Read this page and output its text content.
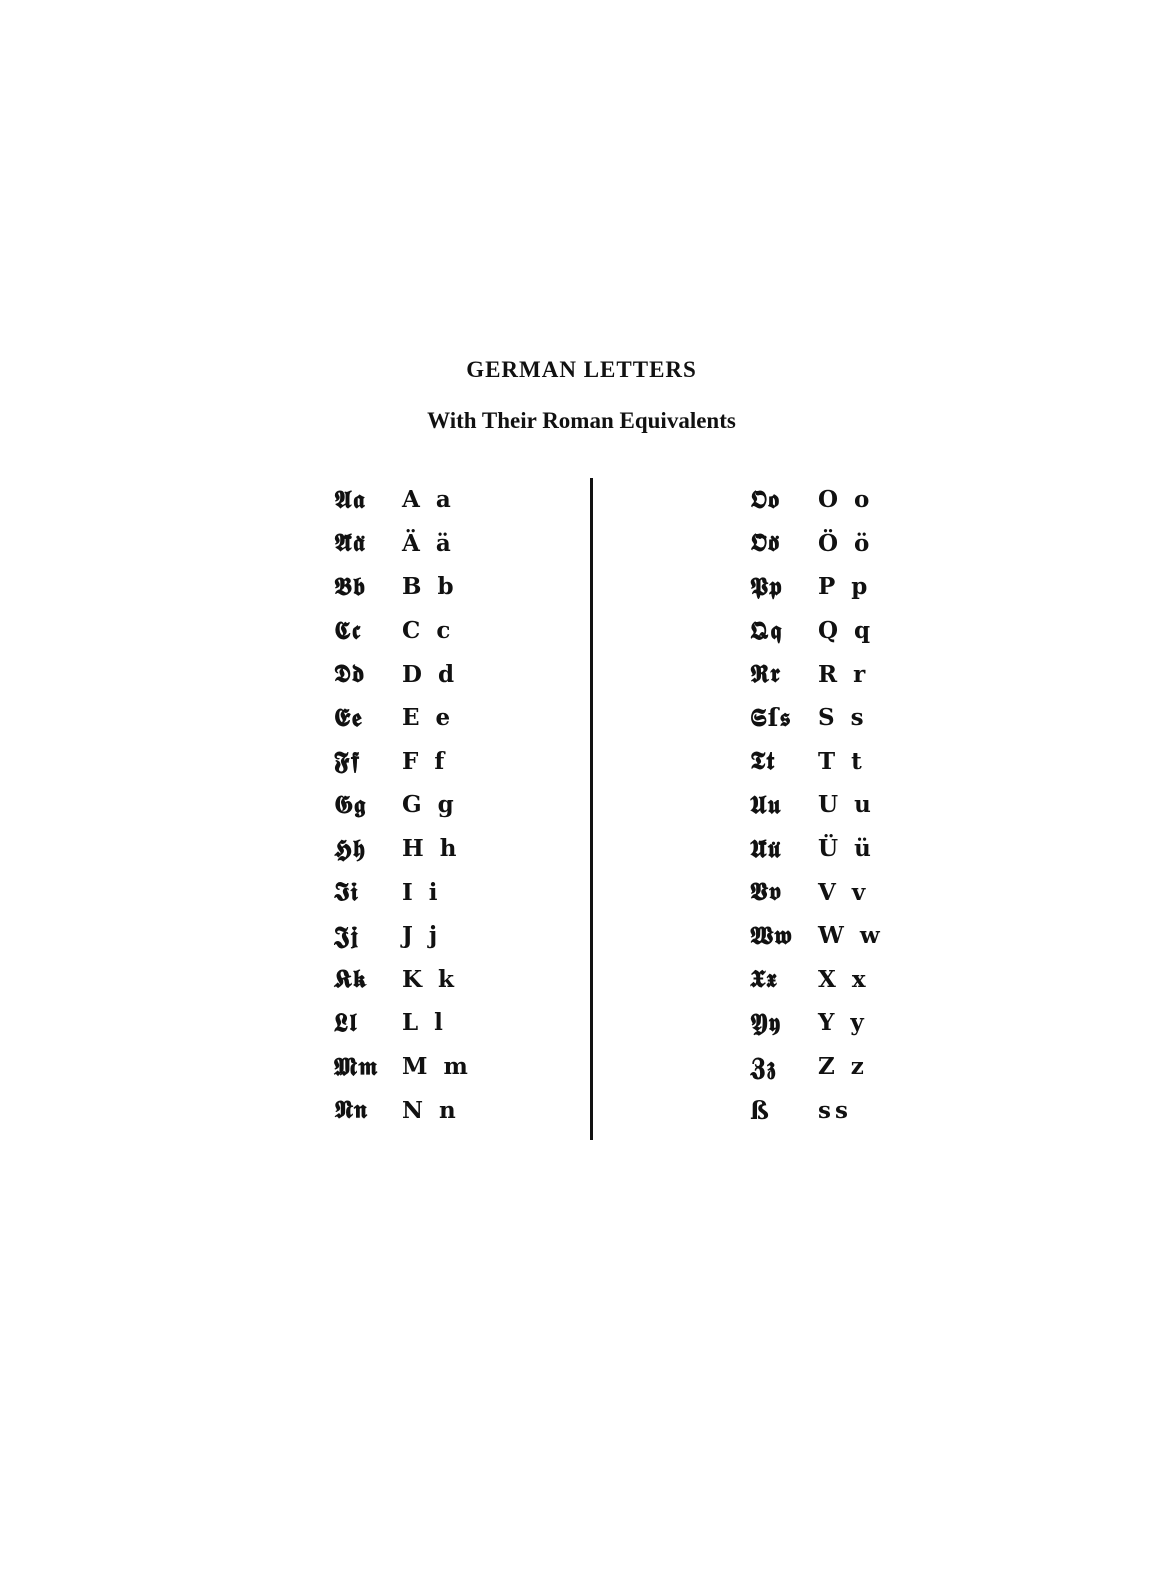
GERMAN LETTERS
With Their Roman Equivalents
𝕬𝖆	A a
𝕬̈𝖆̈	Ä ä
𝕭𝖇	B b
𝕮𝖈	C c
𝕯𝖉	D d
𝕰𝖊	E e
𝕱𝖋	F f
𝕲𝖌	G g
𝕳𝖍	H h
𝕴𝖎	I i
𝕵𝖏	J j
𝕶𝖐	K k
𝕷𝖑	L l
𝕸𝖒	M m
𝕹𝖓	N n
𝕺𝖔	O o
𝕺̈𝖔̈	Ö ö
𝕻𝖕	P p
𝕼𝖖	Q q
𝕽𝖗	R r
𝕾ſ𝖘	S s
𝕿𝖙	T t
𝖀𝖚	U u
𝖀̈𝖚̈	Ü ü
𝖁𝖛	V v
𝖂𝖜	W w
𝖃𝖝	X x
𝖄𝖞	Y y
𝖅𝖟	Z z
ß	ss
